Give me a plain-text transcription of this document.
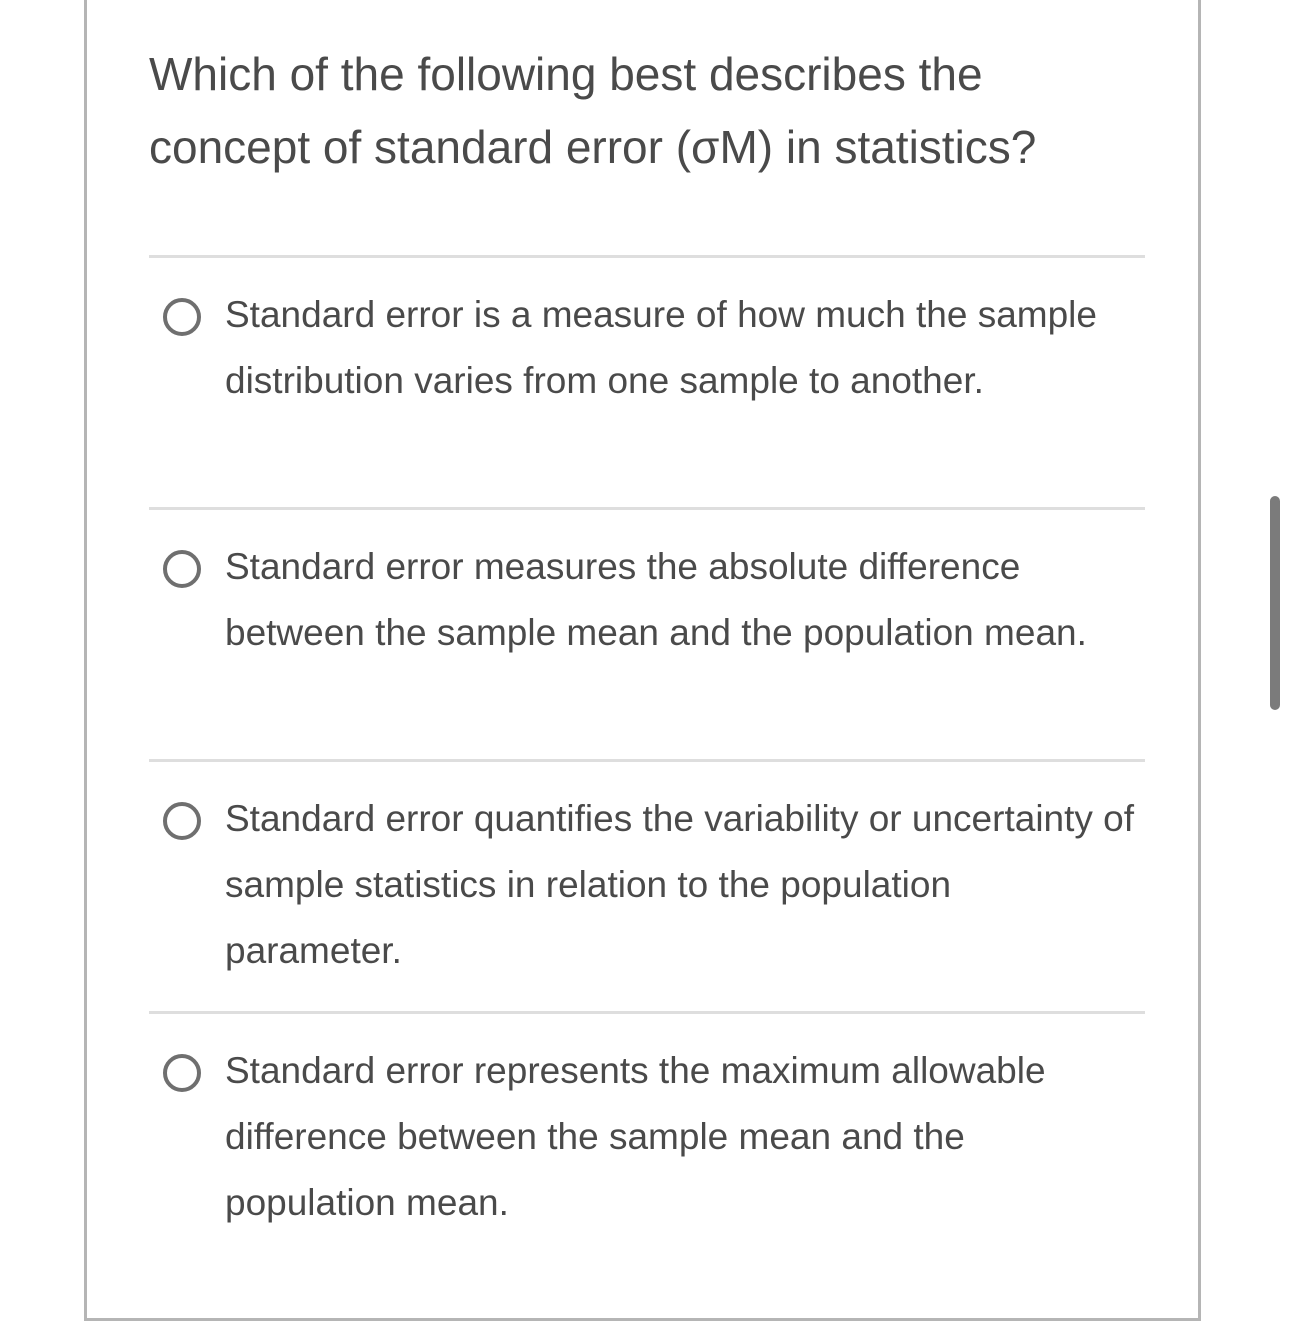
Which of the following best describes the concept of standard error (σM) in statistics?
Standard error is a measure of how much the sample distribution varies from one sample to another.
Standard error measures the absolute difference between the sample mean and the population mean.
Standard error quantifies the variability or uncertainty of sample statistics in relation to the population parameter.
Standard error represents the maximum allowable difference between the sample mean and the population mean.
